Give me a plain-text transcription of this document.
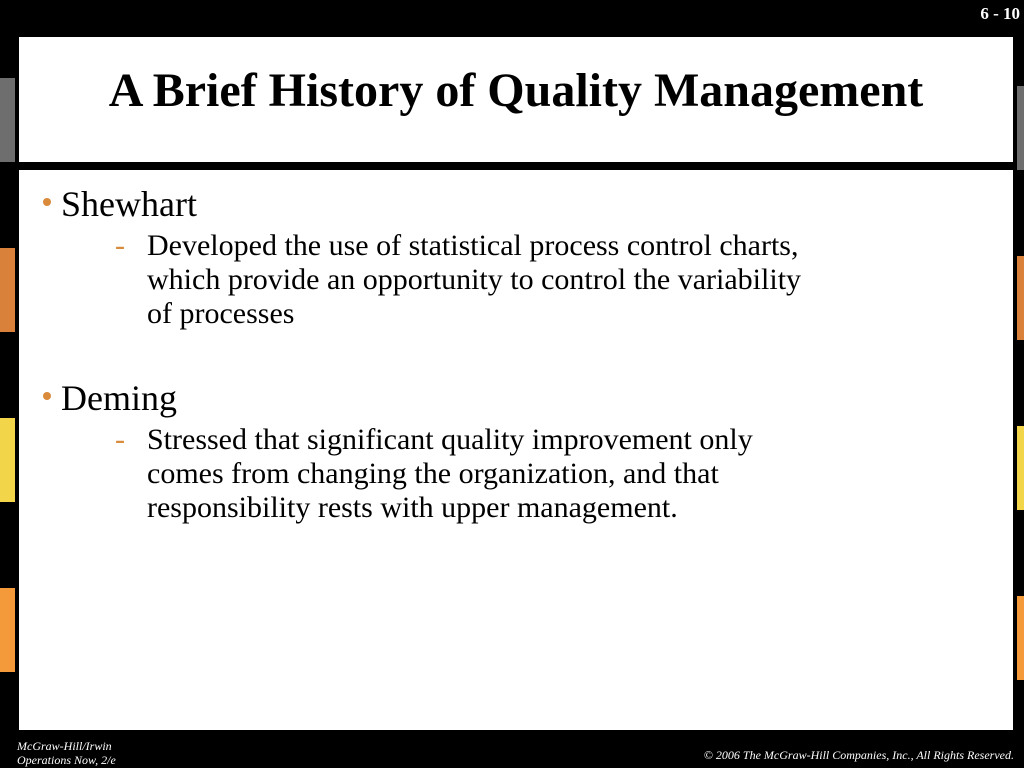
6 - 10
A Brief History of Quality Management
Shewhart
- Developed the use of statistical process control charts,
which provide an opportunity to control the variability
of processes
Deming
- Stressed that significant quality improvement only
comes from changing the organization, and that
responsibility rests with upper management.
McGraw-Hill/Irwin
Operations Now, 2/e	© 2006 The McGraw-Hill Companies, Inc., All Rights Reserved.
